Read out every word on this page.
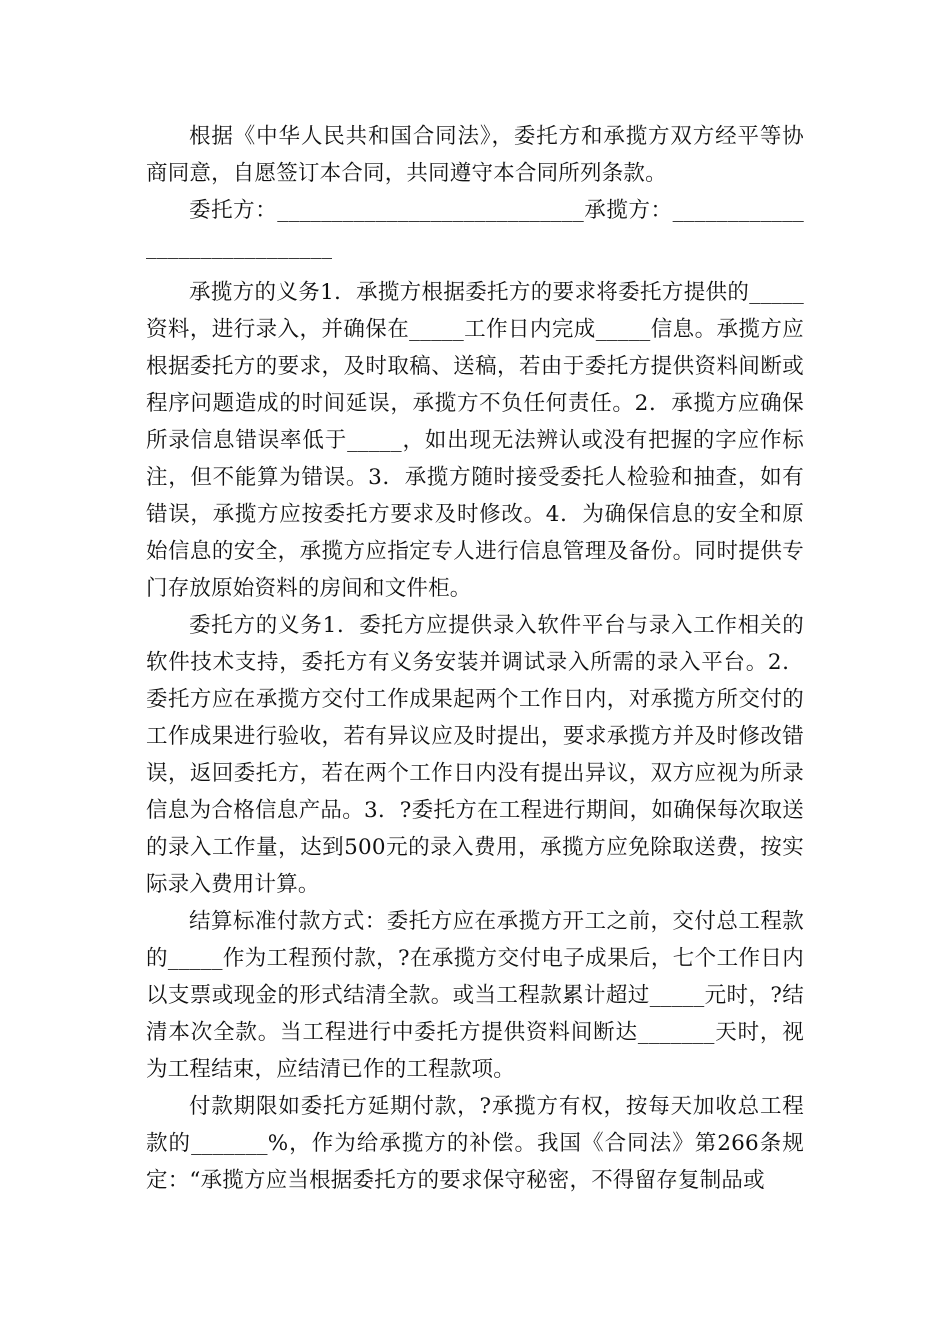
根据《中华人民共和国合同法》，委托方和承揽方双方经平等协商同意，自愿签订本合同，共同遵守本合同所列条款。

委托方：____________________________承揽方：_____________________________

承揽方的义务1．承揽方根据委托方的要求将委托方提供的_____资料，进行录入，并确保在_____工作日内完成_____信息。承揽方应根据委托方的要求，及时取稿、送稿，若由于委托方提供资料间断或程序问题造成的时间延误，承揽方不负任何责任。2．承揽方应确保所录信息错误率低于_____，如出现无法辨认或没有把握的字应作标注，但不能算为错误。3．承揽方随时接受委托人检验和抽查，如有错误，承揽方应按委托方要求及时修改。4．为确保信息的安全和原始信息的安全，承揽方应指定专人进行信息管理及备份。同时提供专门存放原始资料的房间和文件柜。

委托方的义务1．委托方应提供录入软件平台与录入工作相关的软件技术支持，委托方有义务安装并调试录入所需的录入平台。2．委托方应在承揽方交付工作成果起两个工作日内，对承揽方所交付的工作成果进行验收，若有异议应及时提出，要求承揽方并及时修改错误，返回委托方，若在两个工作日内没有提出异议，双方应视为所录信息为合格信息产品。3．?委托方在工程进行期间，如确保每次取送的录入工作量，达到500元的录入费用，承揽方应免除取送费，按实际录入费用计算。

结算标准付款方式：委托方应在承揽方开工之前，交付总工程款的_____作为工程预付款，?在承揽方交付电子成果后，七个工作日内以支票或现金的形式结清全款。或当工程款累计超过_____元时，?结清本次全款。当工程进行中委托方提供资料间断达_______天时，视为工程结束，应结清已作的工程款项。

付款期限如委托方延期付款，?承揽方有权，按每天加收总工程款的_______%，作为给承揽方的补偿。我国《合同法》第266条规定：“承揽方应当根据委托方的要求保守秘密，不得留存复制品或
